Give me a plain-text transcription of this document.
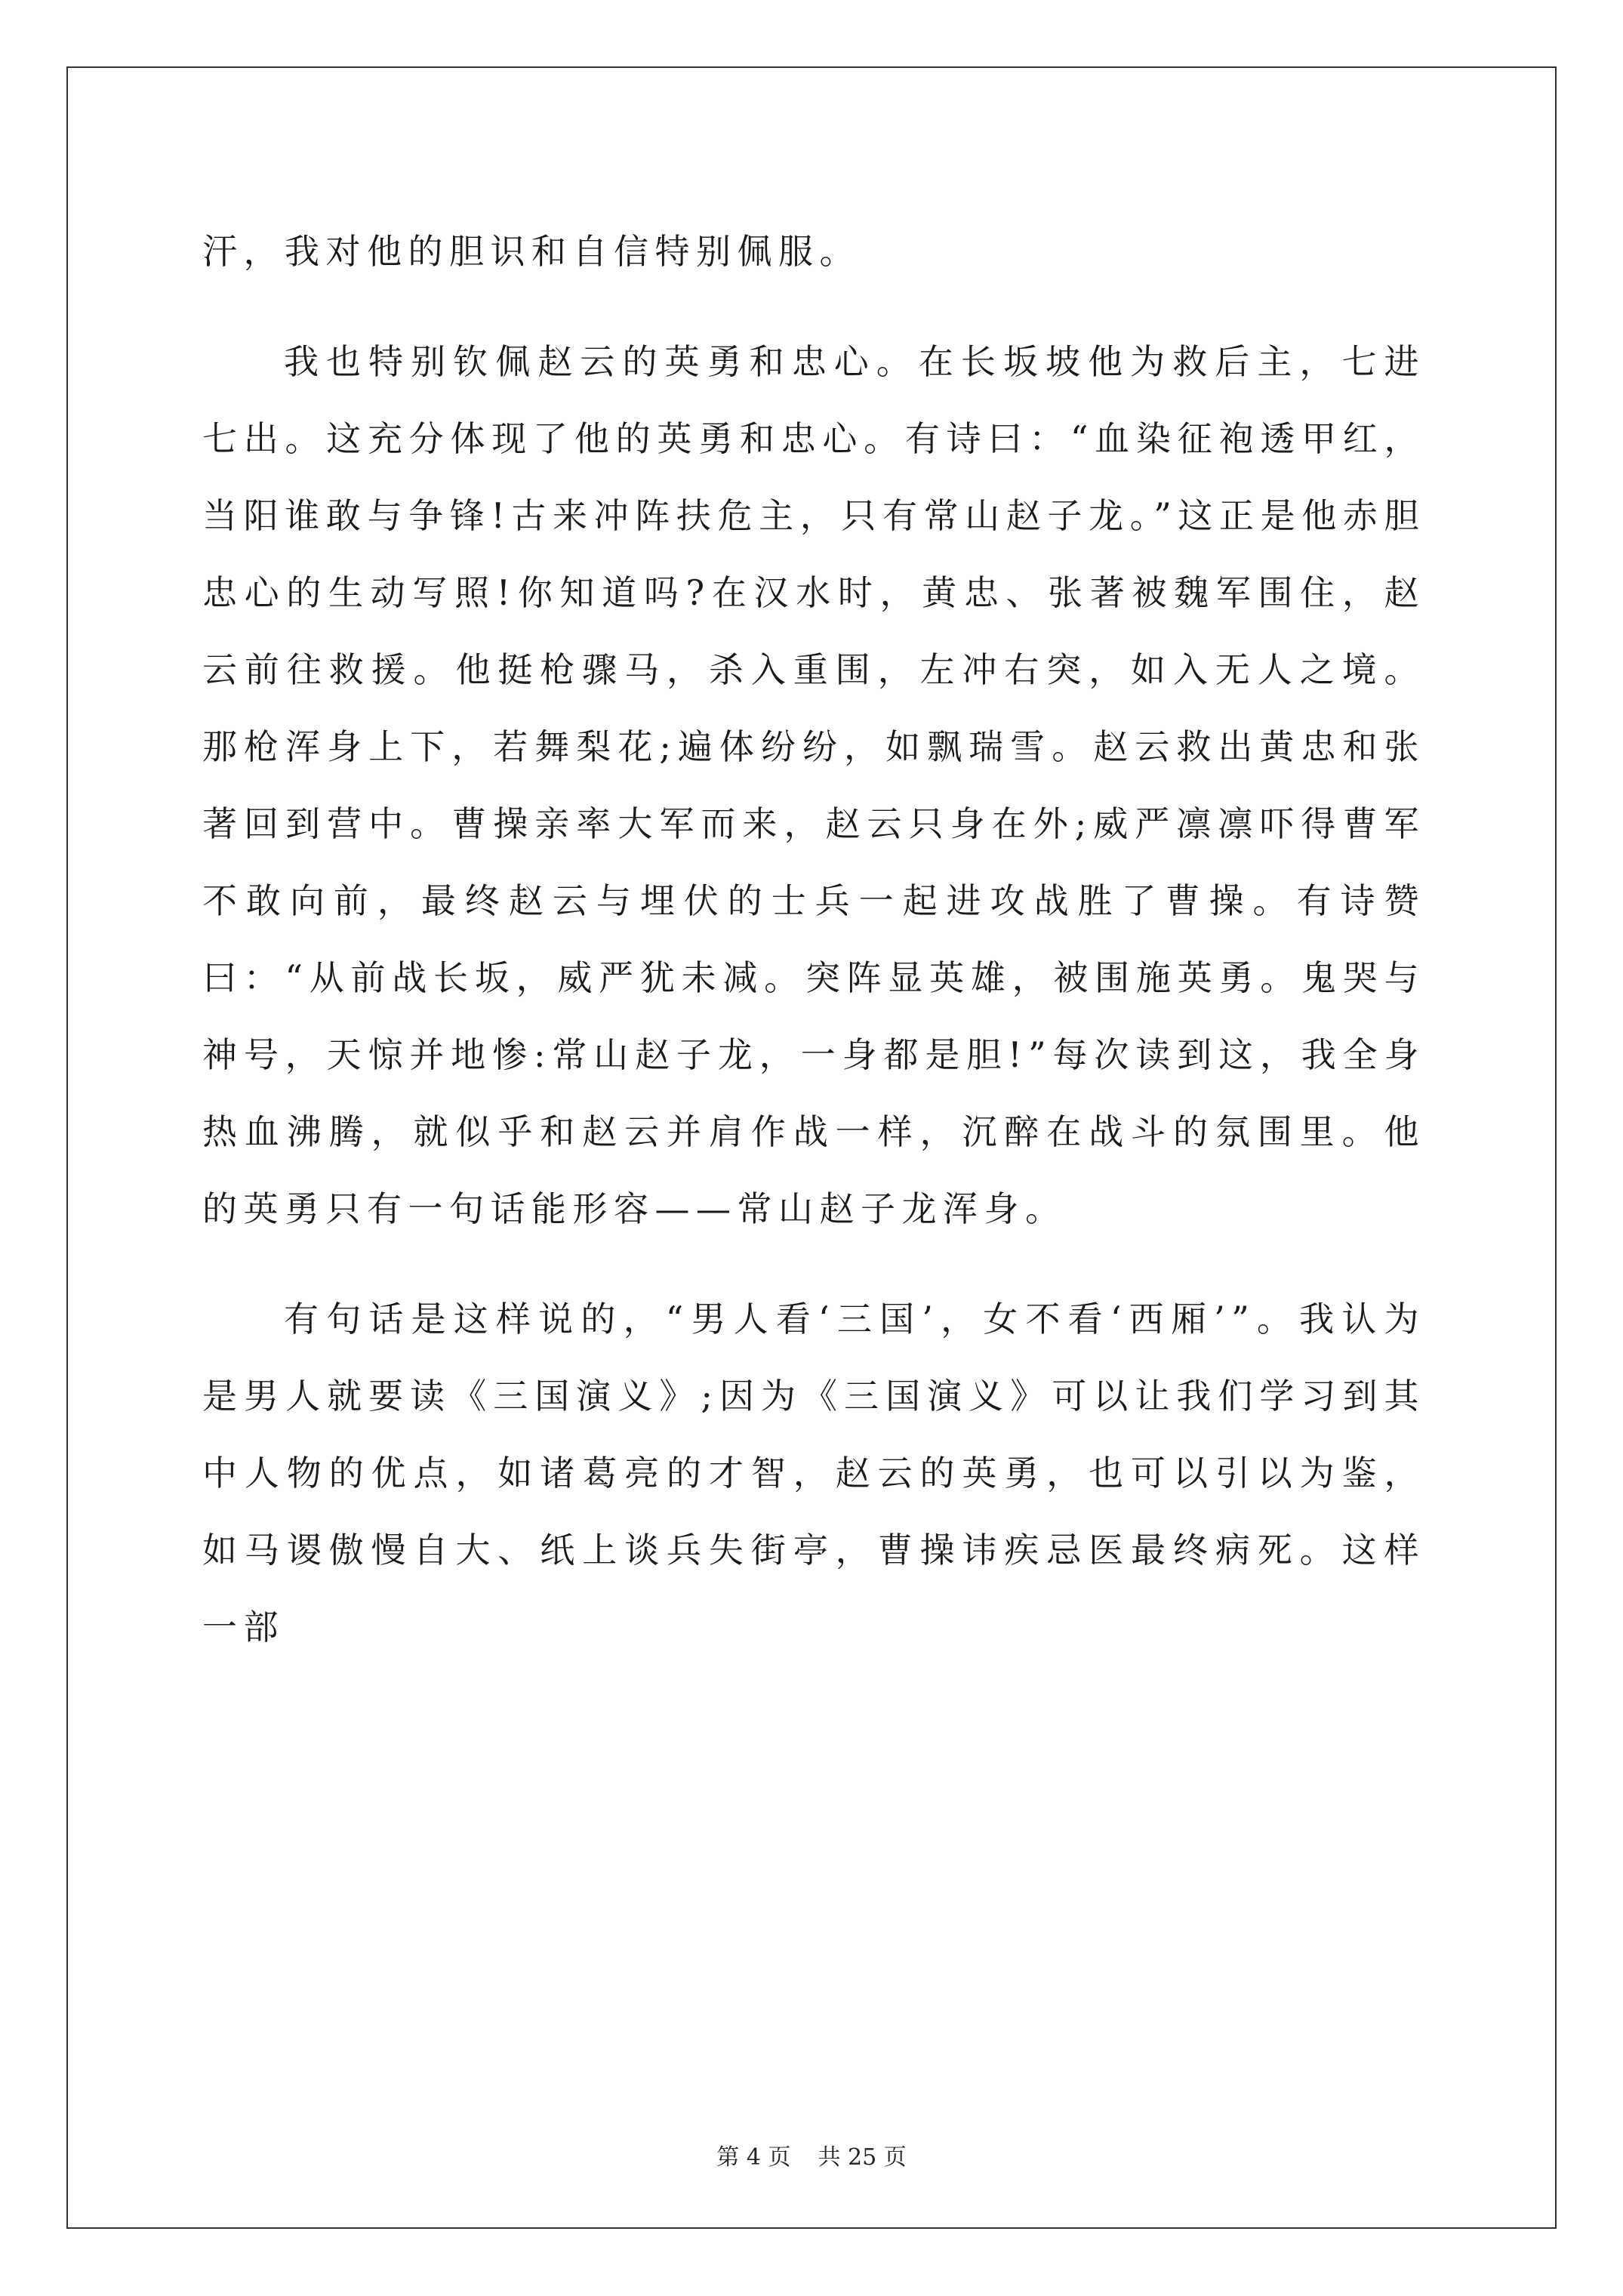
汗，我对他的胆识和自信特别佩服。

我也特别钦佩赵云的英勇和忠心。在长坂坡他为救后主，七进七出。这充分体现了他的英勇和忠心。有诗曰：“血染征袍透甲红，当阳谁敢与争锋!古来冲阵扶危主，只有常山赵子龙。”这正是他赤胆忠心的生动写照!你知道吗?在汉水时，黄忠、张著被魏军围住，赵云前往救援。他挺枪骤马，杀入重围，左冲右突，如入无人之境。那枪浑身上下，若舞梨花;遍体纷纷，如飘瑞雪。赵云救出黄忠和张著回到营中。曹操亲率大军而来，赵云只身在外;威严凛凛吓得曹军不敢向前，最终赵云与埋伏的士兵一起进攻战胜了曹操。有诗赞曰：“从前战长坂，威严犹未减。突阵显英雄，被围施英勇。鬼哭与神号，天惊并地惨:常山赵子龙，一身都是胆!”每次读到这，我全身热血沸腾，就似乎和赵云并肩作战一样，沉醉在战斗的氛围里。他的英勇只有一句话能形容——常山赵子龙浑身。

有句话是这样说的，“男人看‘三国’，女不看‘西厢’”。我认为是男人就要读《三国演义》;因为《三国演义》可以让我们学习到其中人物的优点，如诸葛亮的才智，赵云的英勇，也可以引以为鉴，如马谡傲慢自大、纸上谈兵失街亭，曹操讳疾忌医最终病死。这样一部

第 4 页 共 25 页
